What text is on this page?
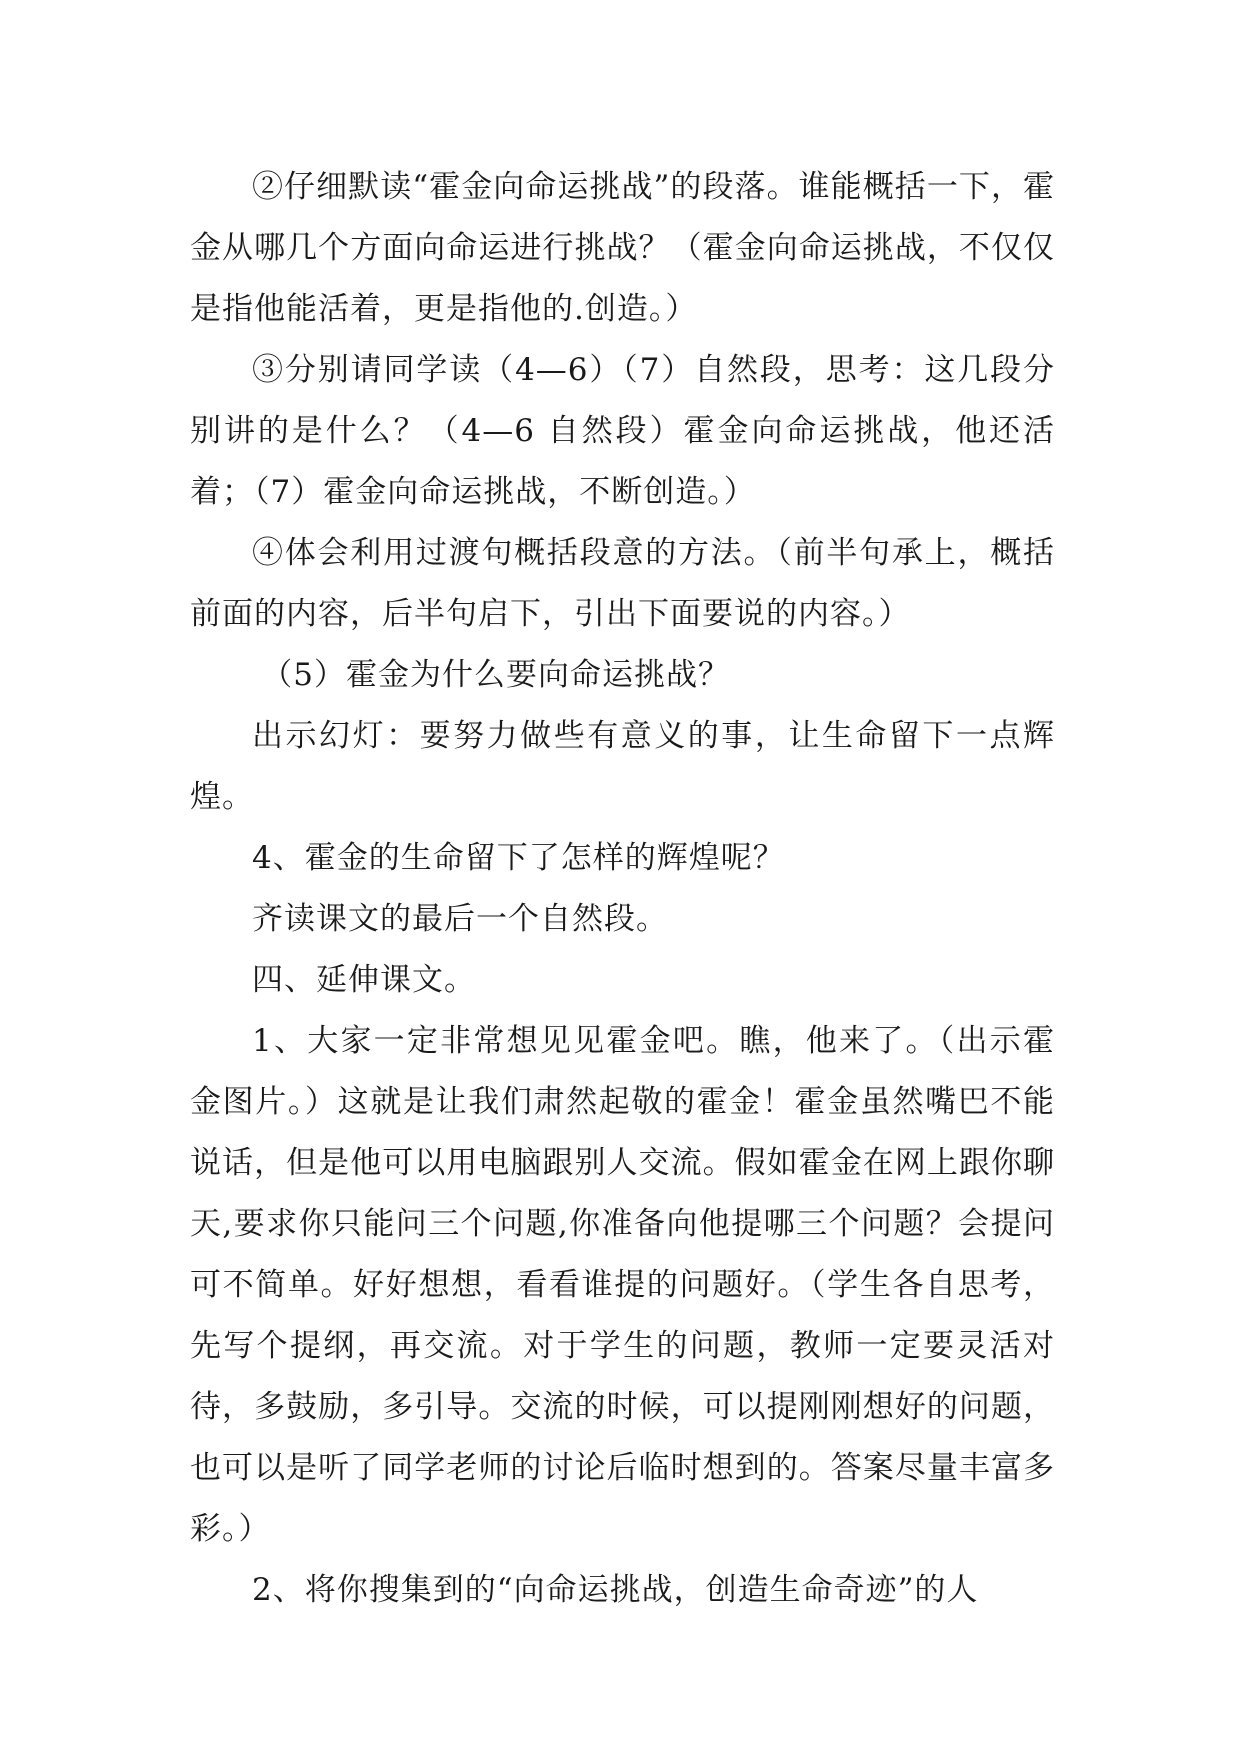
②仔细默读“霍金向命运挑战”的段落。谁能概括一下，霍金从哪几个方面向命运进行挑战？（霍金向命运挑战，不仅仅是指他能活着，更是指他的.创造。）

③分别请同学读（4—6）（7）自然段，思考：这几段分别讲的是什么？（4—6 自然段）霍金向命运挑战，他还活着；（7）霍金向命运挑战，不断创造。）

④体会利用过渡句概括段意的方法。（前半句承上，概括前面的内容，后半句启下，引出下面要说的内容。）

（5）霍金为什么要向命运挑战？

出示幻灯：要努力做些有意义的事，让生命留下一点辉煌。

4、霍金的生命留下了怎样的辉煌呢？

齐读课文的最后一个自然段。

四、延伸课文。

1、大家一定非常想见见霍金吧。瞧，他来了。（出示霍金图片。）这就是让我们肃然起敬的霍金！霍金虽然嘴巴不能说话，但是他可以用电脑跟别人交流。假如霍金在网上跟你聊天,要求你只能问三个问题,你准备向他提哪三个问题？会提问可不简单。好好想想，看看谁提的问题好。（学生各自思考，先写个提纲，再交流。对于学生的问题，教师一定要灵活对待，多鼓励，多引导。交流的时候，可以提刚刚想好的问题，也可以是听了同学老师的讨论后临时想到的。答案尽量丰富多彩。）

2、将你搜集到的“向命运挑战，创造生命奇迹”的人
